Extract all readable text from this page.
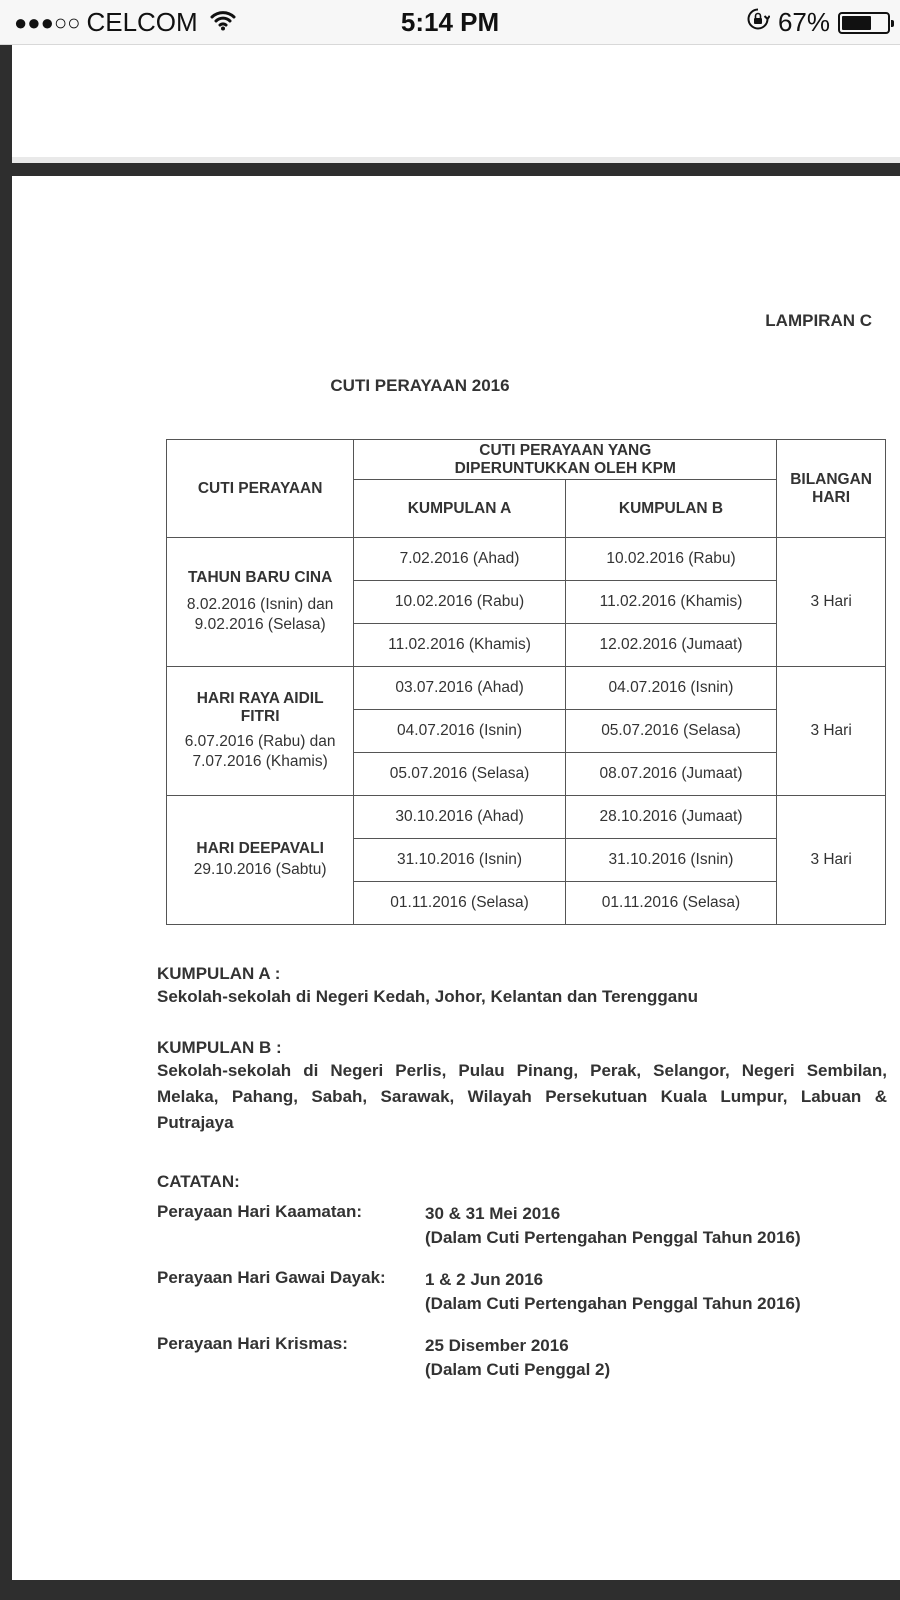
●●●○○ CELCOM	5:14 PM	67%
LAMPIRAN C
CUTI PERAYAAN 2016
CUTI PERAYAAN	CUTI PERAYAAN YANG
DIPERUNTUKKAN OLEH KPM		BILANGAN
HARI
	KUMPULAN A	KUMPULAN B	

TAHUN BARU CINA
8.02.2016 (Isnin) dan
9.02.2016 (Selasa)	7.02.2016 (Ahad)	10.02.2016 (Rabu)	3 Hari
	10.02.2016 (Rabu)	11.02.2016 (Khamis)	
	11.02.2016 (Khamis)	12.02.2016 (Jumaat)	

HARI RAYA AIDIL
FITRI
6.07.2016 (Rabu) dan
7.07.2016 (Khamis)	03.07.2016 (Ahad)	04.07.2016 (Isnin)	3 Hari
	04.07.2016 (Isnin)	05.07.2016 (Selasa)	
	05.07.2016 (Selasa)	08.07.2016 (Jumaat)	

HARI DEEPAVALI
29.10.2016 (Sabtu)	30.10.2016 (Ahad)	28.10.2016 (Jumaat)	3 Hari
	31.10.2016 (Isnin)	31.10.2016 (Isnin)	
	01.11.2016 (Selasa)	01.11.2016 (Selasa)	
KUMPULAN A :
Sekolah-sekolah di Negeri Kedah, Johor, Kelantan dan Terengganu
KUMPULAN B :
Sekolah-sekolah di Negeri Perlis, Pulau Pinang, Perak, Selangor, Negeri Sembilan, Melaka, Pahang, Sabah, Sarawak, Wilayah Persekutuan Kuala Lumpur, Labuan & Putrajaya
CATATAN:
Perayaan Hari Kaamatan:	30 & 31 Mei 2016
(Dalam Cuti Pertengahan Penggal Tahun 2016)
Perayaan Hari Gawai Dayak: 1 & 2 Jun 2016
(Dalam Cuti Pertengahan Penggal Tahun 2016)
Perayaan Hari Krismas:	25 Disember 2016
(Dalam Cuti Penggal 2)
